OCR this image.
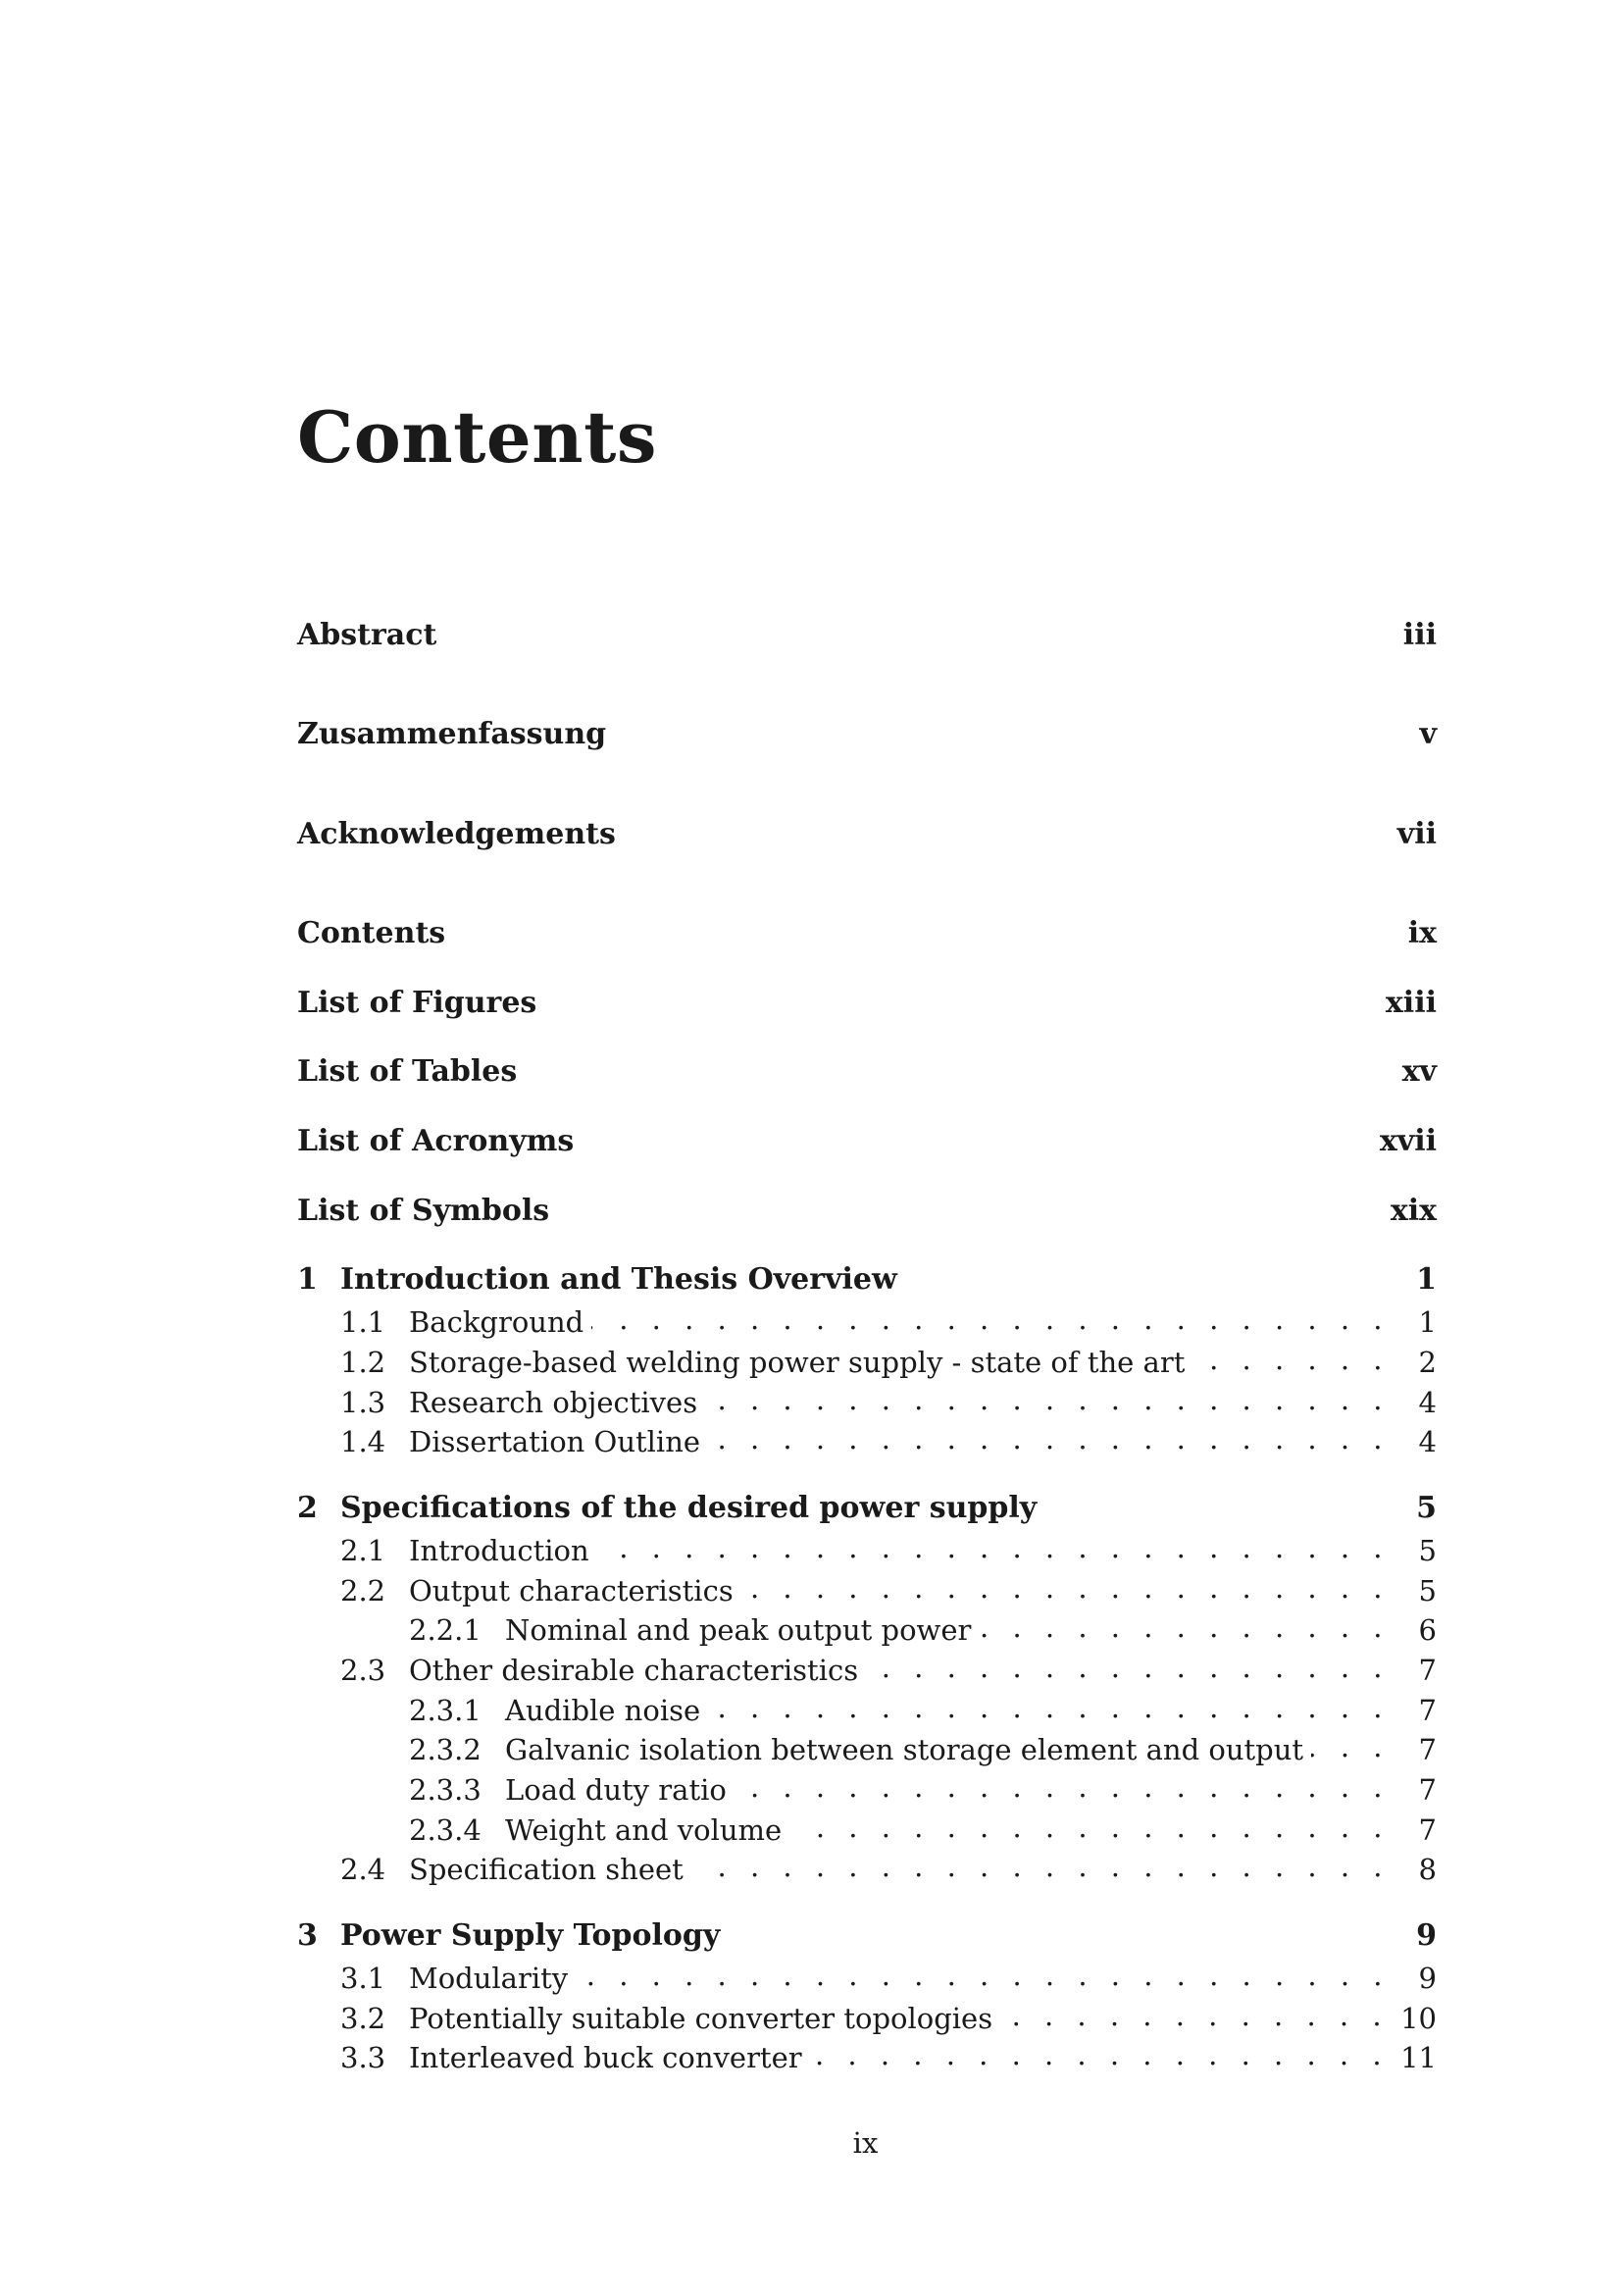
Contents
Abstract	iii
Zusammenfassung	v
Acknowledgements	vii
Contents	ix
List of Figures	xiii
List of Tables	xv
List of Acronyms	xvii
List of Symbols	xix
1 Introduction and Thesis Overview	1
1.1 Background . . .	1
1.2 Storage-based welding power supply - state of the art . . .	2
1.3 Research objectives . . .	4
1.4 Dissertation Outline . . .	4
2 Specifications of the desired power supply	5
2.1 Introduction . . .	5
2.2 Output characteristics . . .	5
2.2.1 Nominal and peak output power . . .	6
2.3 Other desirable characteristics . . .	7
2.3.1 Audible noise . . .	7
2.3.2 Galvanic isolation between storage element and output . . .	7
2.3.3 Load duty ratio . . .	7
2.3.4 Weight and volume . . .	7
2.4 Specification sheet . . .	8
3 Power Supply Topology	9
3.1 Modularity . . .	9
3.2 Potentially suitable converter topologies . . .	10
3.3 Interleaved buck converter . . .	11
ix
